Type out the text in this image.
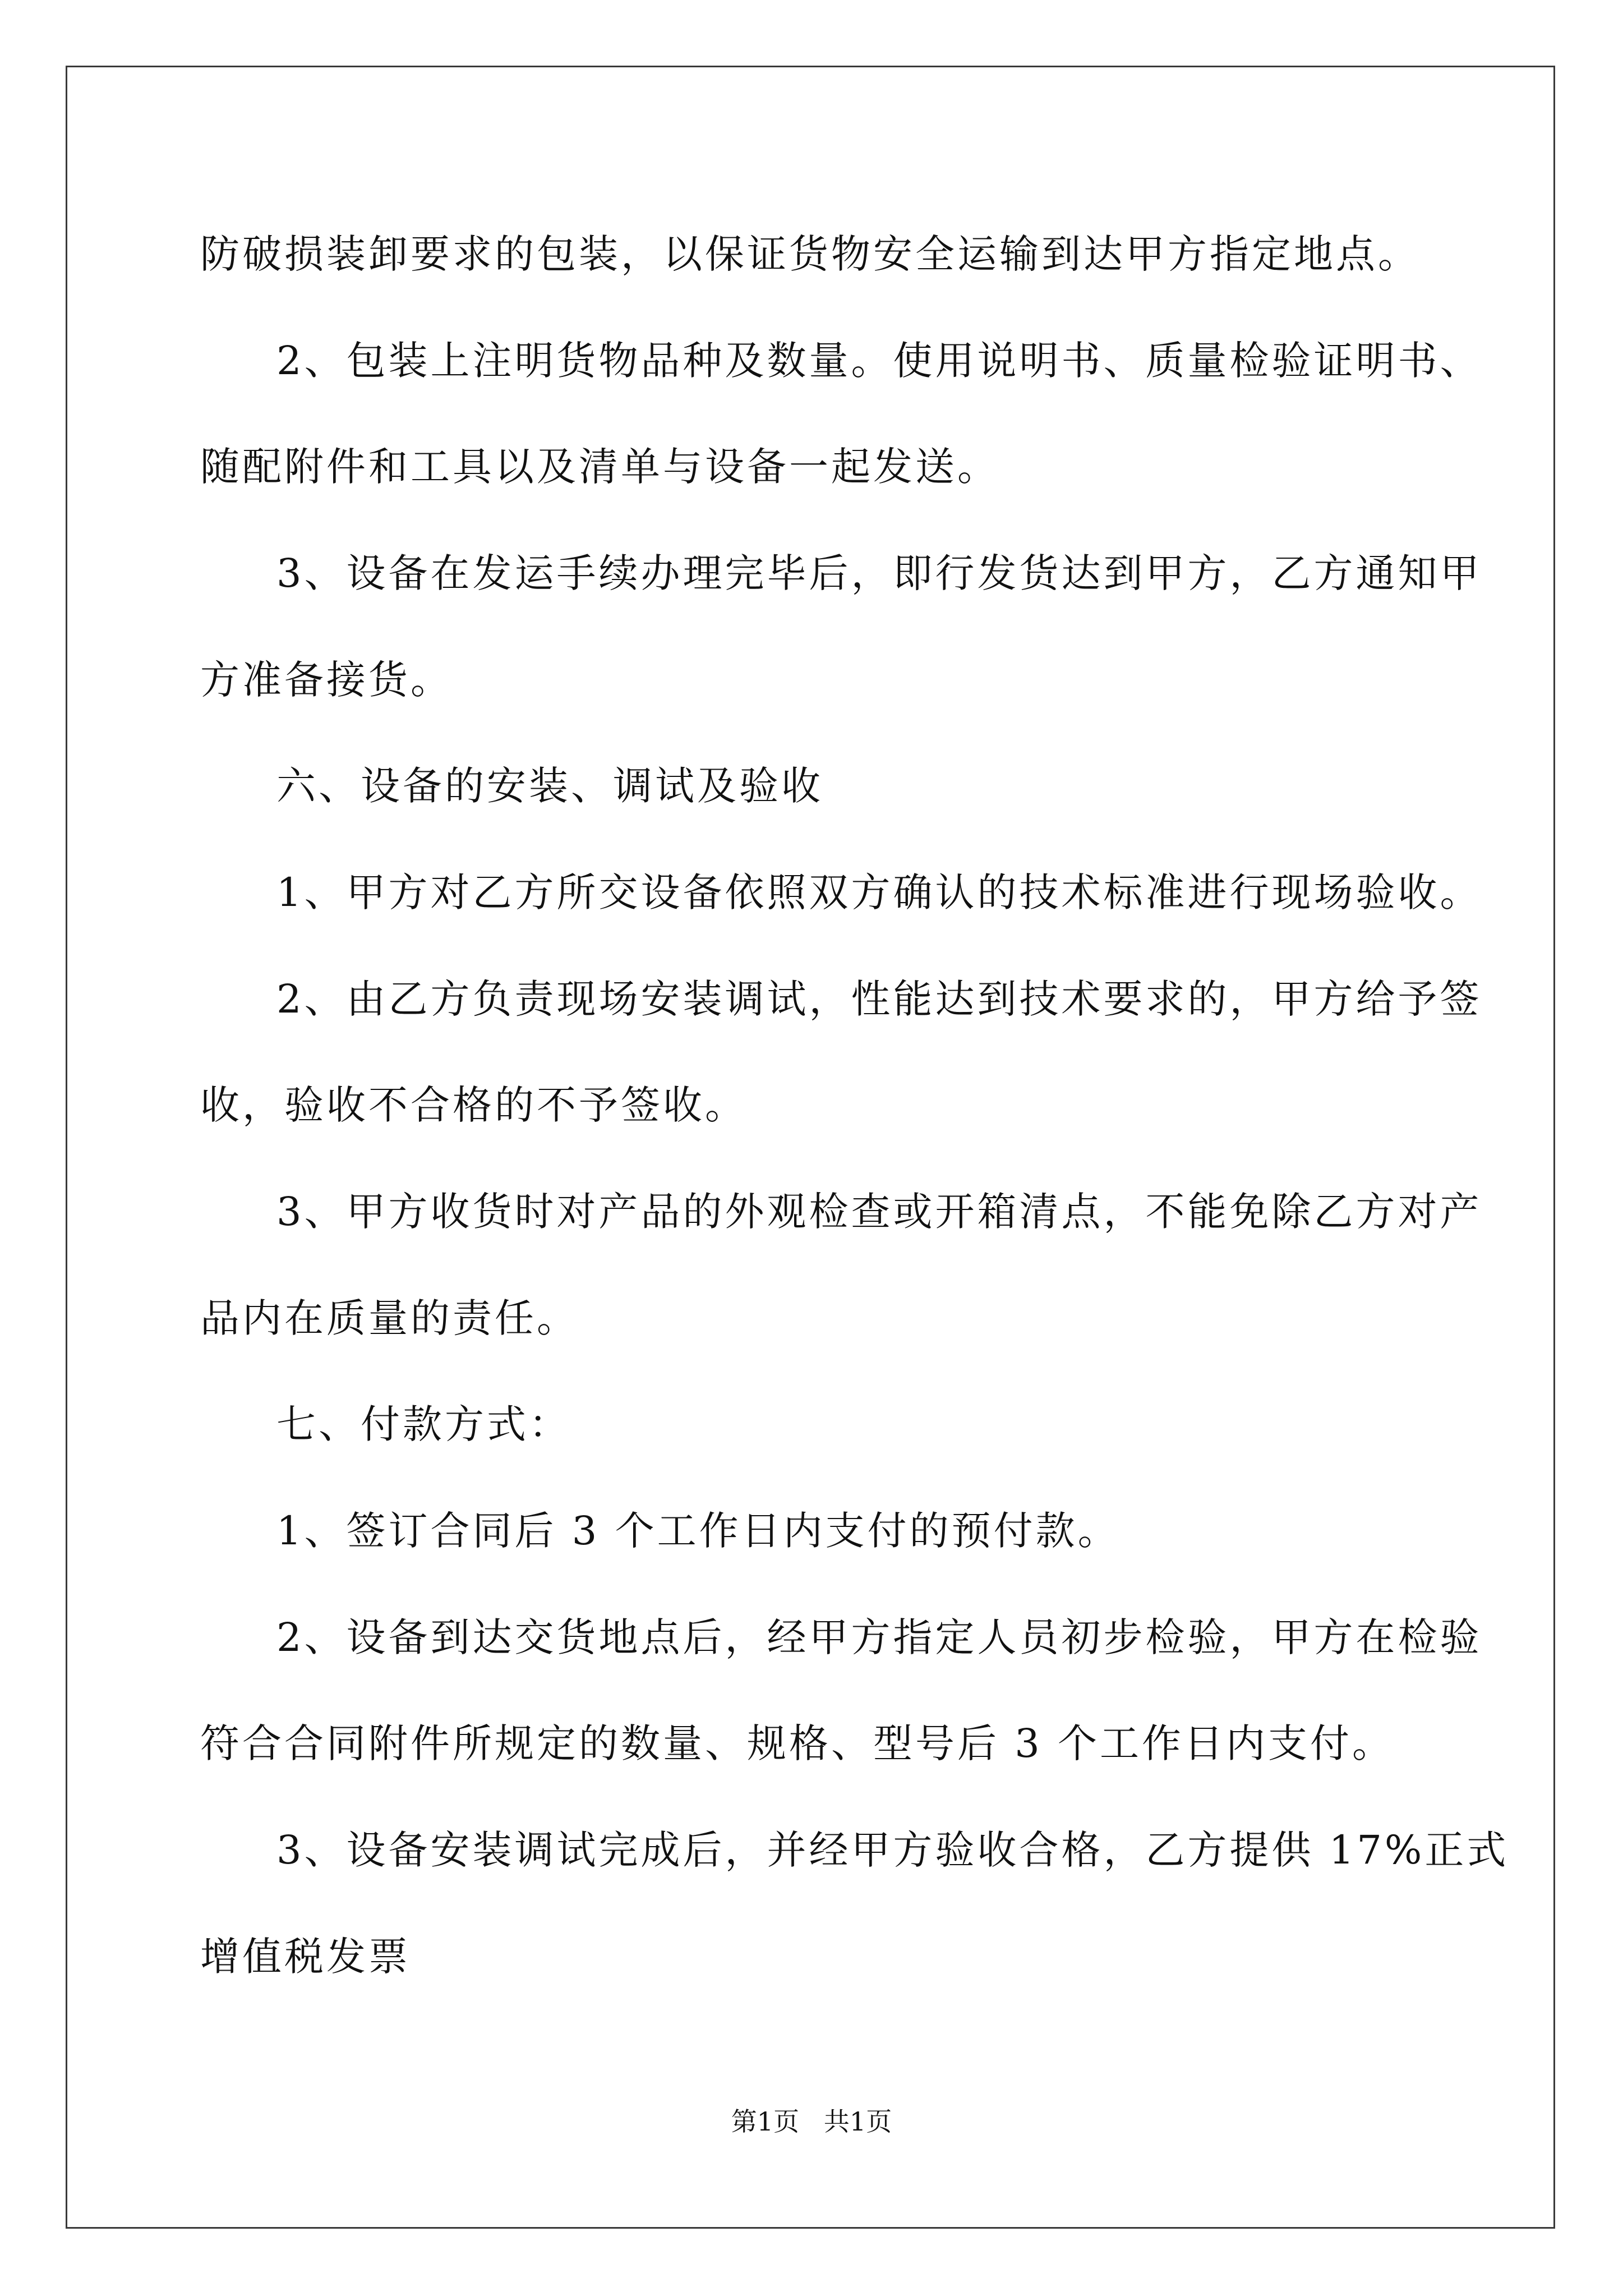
防破损装卸要求的包装，以保证货物安全运输到达甲方指定地点。
2、包装上注明货物品种及数量。使用说明书、质量检验证明书、
随配附件和工具以及清单与设备一起发送。
3、设备在发运手续办理完毕后，即行发货达到甲方，乙方通知甲
方准备接货。
六、设备的安装、调试及验收
1、甲方对乙方所交设备依照双方确认的技术标准进行现场验收。
2、由乙方负责现场安装调试，性能达到技术要求的，甲方给予签
收，验收不合格的不予签收。
3、甲方收货时对产品的外观检查或开箱清点，不能免除乙方对产
品内在质量的责任。
七、付款方式：
1、签订合同后 3 个工作日内支付的预付款。
2、设备到达交货地点后，经甲方指定人员初步检验，甲方在检验
符合合同附件所规定的数量、规格、型号后 3 个工作日内支付。
3、设备安装调试完成后，并经甲方验收合格，乙方提供 17%正式
增值税发票
第1页   共1页
